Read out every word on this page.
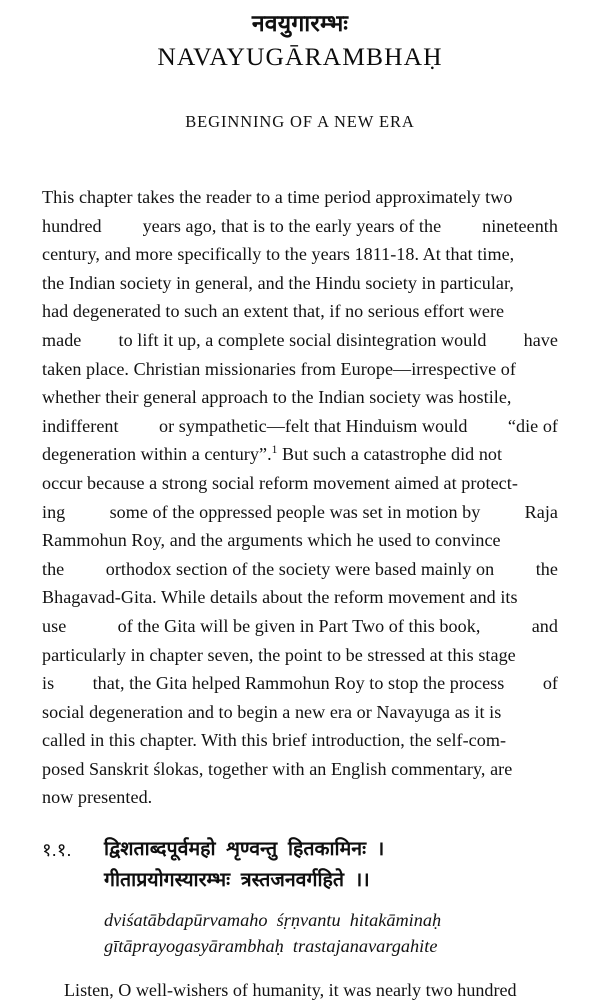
नवयुगारम्भः
NAVAYUGĀRAMBHAḤ
BEGINNING OF A NEW ERA
This chapter takes the reader to a time period approximately two
hundred years ago, that is to the early years of the nineteenth
century, and more specifically to the years 1811-18. At that time,
the Indian society in general, and the Hindu society in particular,
had degenerated to such an extent that, if no serious effort were
made to lift it up, a complete social disintegration would have
taken place. Christian missionaries from Europe—irrespective of
whether their general approach to the Indian society was hostile,
indifferent or sympathetic—felt that Hinduism would “die of
degeneration within a century”.$^1$ But such a catastrophe did not
occur because a strong social reform movement aimed at protect-
ing some of the oppressed people was set in motion by Raja
Rammohun Roy, and the arguments which he used to convince
the orthodox section of the society were based mainly on the
Bhagavad-Gita. While details about the reform movement and its
use	of the Gita will be given in Part Two of this book,	and
particularly in chapter seven, the point to be stressed at this stage
is that, the Gita helped Rammohun Roy to stop the process of
social degeneration and to begin a new era or Navayuga as it is
called in this chapter. With this brief introduction, the self-com-
posed Sanskrit ślokas, together with an English commentary, are
now presented.
१.१.	द्विशताब्दपूर्वमहो  शृण्वन्तु  हितकामिनः  ।
गीताप्रयोगस्यारम्भः  त्रस्तजनवर्गहिते  ।।
dviśatābdapūrvamaho  śṛṇvantu  hitakāminaḥ
gītāprayogasyārambhaḥ  trastajanavargahite
Listen, O well-wishers of humanity, it was nearly two hundred
